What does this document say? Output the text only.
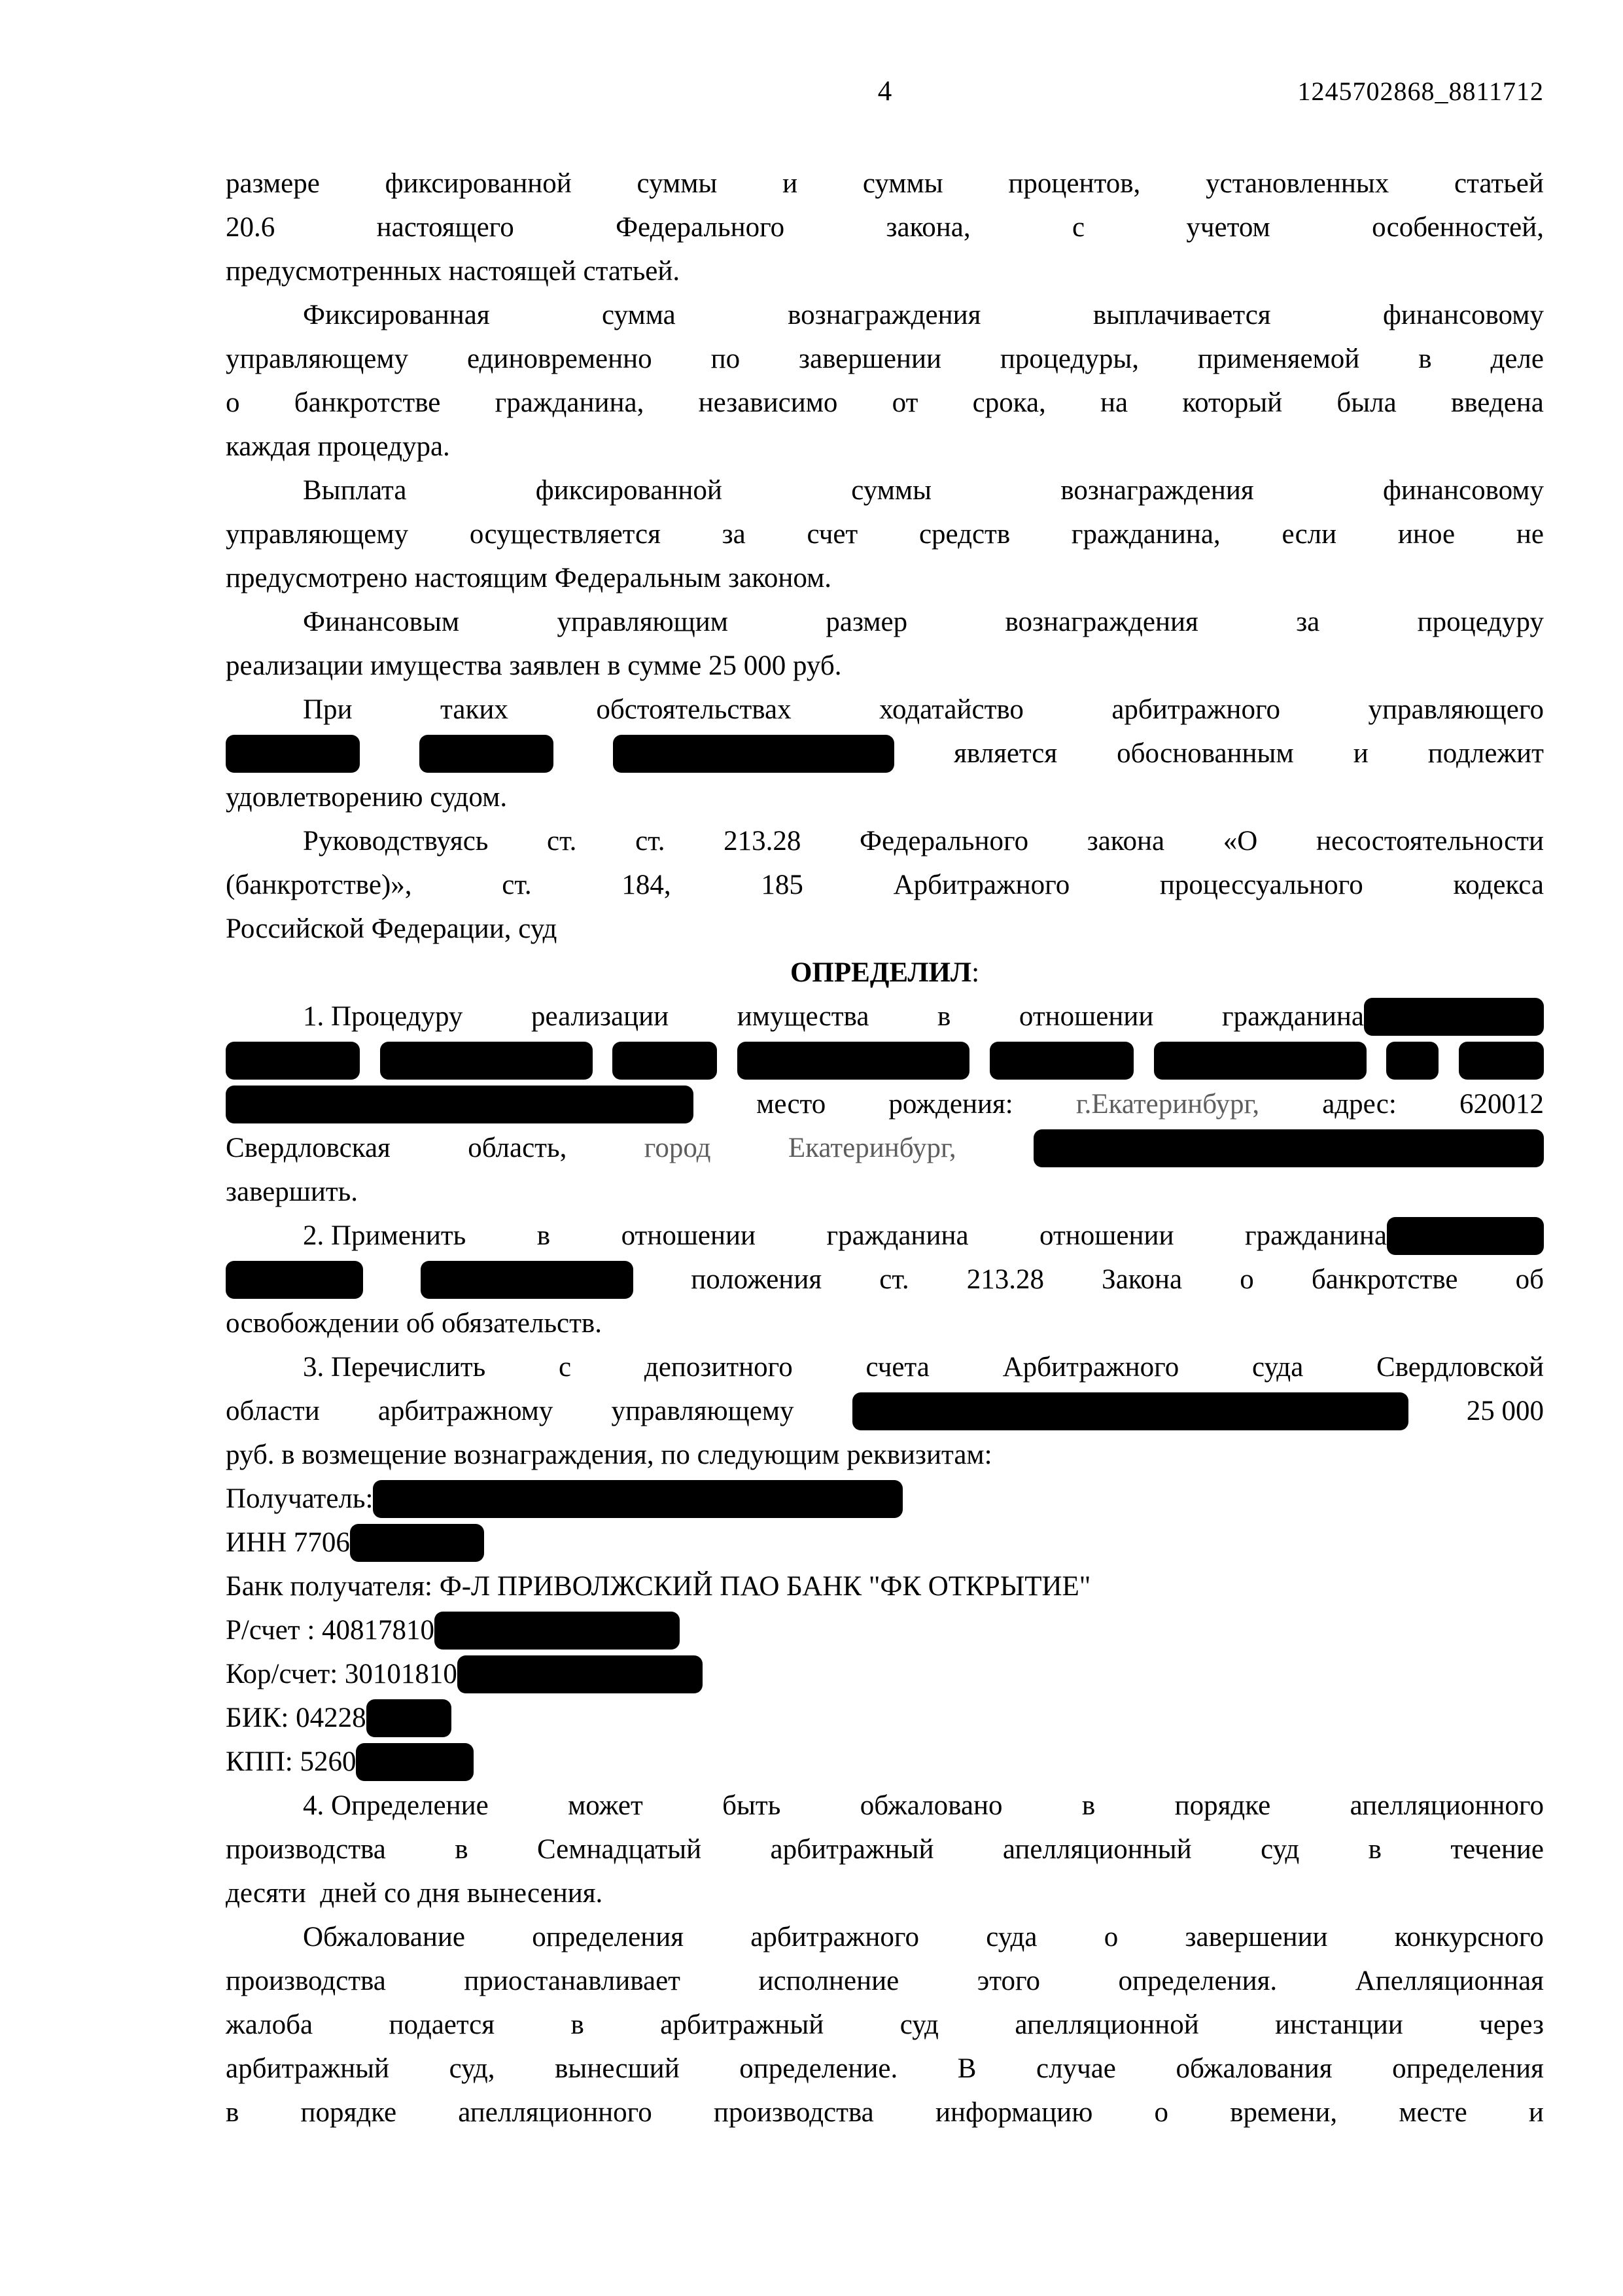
4	1245702868_8811712
размере фиксированной суммы и суммы процентов, установленных статьей
20.6	настоящего	Федерального	закона,	с	учетом	особенностей,
предусмотренных настоящей статьей.
Фиксированная	сумма	вознаграждения	выплачивается	финансовому
управляющему единовременно по завершении процедуры, применяемой в деле
о банкротстве гражданина, независимо от срока, на который была введена
каждая процедура.
Выплата	фиксированной	суммы	вознаграждения	финансовому
управляющему осуществляется за счет средств гражданина, если иное не
предусмотрено настоящим Федеральным законом.
Финансовым	управляющим	размер	вознаграждения	за	процедуру
реализации имущества заявлен в сумме 25 000 руб.
При	таких	обстоятельствах	ходатайство	арбитражного	управляющего
является обоснованным и подлежит
удовлетворению судом.
Руководствуясь ст. ст. 213.28 Федерального закона «О несостоятельности
(банкротстве)»,	ст.	184,	185	Арбитражного	процессуального	кодекса
Российской Федерации, суд
ОПРЕДЕЛИЛ :
1. Процедуру реализации имущества в отношении гражданина
место рождения: г.Екатеринбург, адрес: 620012
Свердловская	область,	город	Екатеринбург,
завершить.
2. Применить	в	отношении	гражданина	отношении	гражданина
положения ст. 213.28 Закона о банкротстве об
освобождении об обязательств.
3. Перечислить	с	депозитного	счета	Арбитражного	суда	Свердловской
области арбитражному управляющему	25 000
руб. в возмещение вознаграждения, по следующим реквизитам:
Получатель:
ИНН 7706
Банк получателя: Ф-Л ПРИВОЛЖСКИЙ ПАО БАНК "ФК ОТКРЫТИЕ"
Р/счет : 40817810
Кор/счет: 30101810
БИК: 04228
КПП: 5260
4. Определение	может	быть	обжаловано	в	порядке	апелляционного
производства в Семнадцатый арбитражный апелляционный суд в течение
десяти  дней со дня вынесения.
Обжалование определения арбитражного суда о завершении конкурсного
производства	приостанавливает	исполнение	этого	определения.	Апелляционная
жалоба	подается	в	арбитражный	суд	апелляционной	инстанции	через
арбитражный суд, вынесший определение. В случае обжалования определения
в порядке апелляционного производства информацию о времени, месте и
